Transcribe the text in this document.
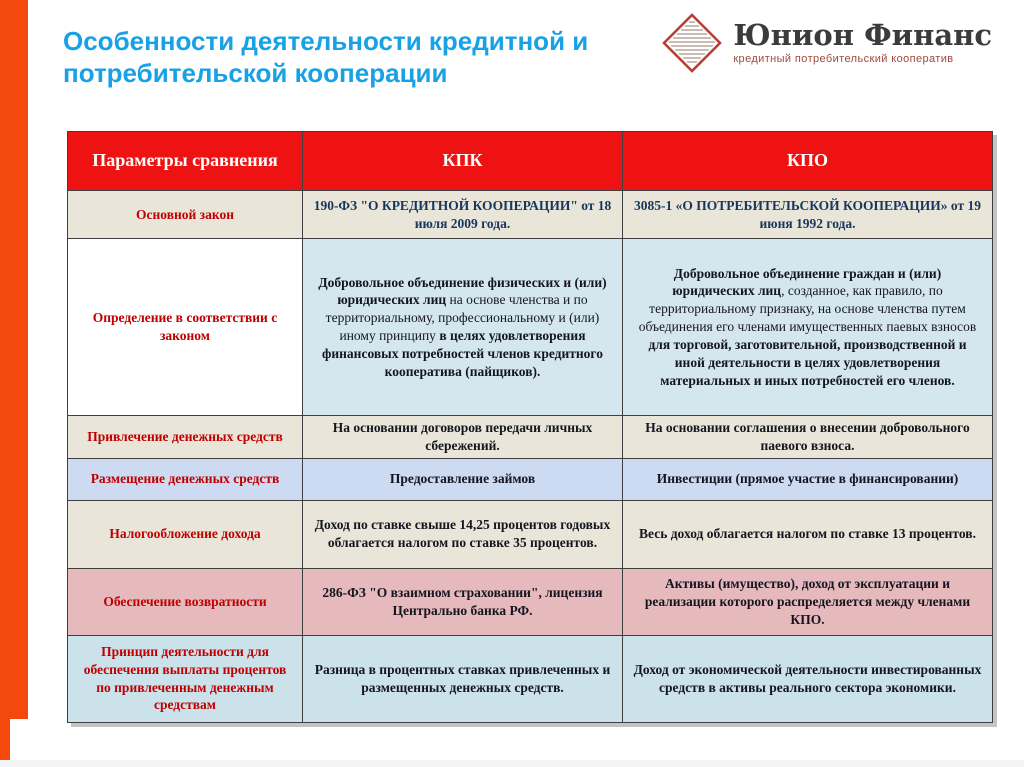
Особенности деятельности кредитной и потребительской кооперации
Юнион Финанс
кредитный потребительский кооператив
Параметры сравнения	КПК	КПО
Основной закон	190-ФЗ "О КРЕДИТНОЙ КООПЕРАЦИИ" от 18 июля 2009 года.	3085-1 «О ПОТРЕБИТЕЛЬСКОЙ КООПЕРАЦИИ» от 19 июня 1992 года.
Определение в соответствии с законом	Добровольное объединение физических и (или) юридических лиц на основе членства и по территориальному, профессиональному и (или) иному принципу в целях удовлетворения финансовых потребностей членов кредитного кооператива (пайщиков).	Добровольное объединение граждан и (или) юридических лиц, созданное, как правило, по территориальному признаку, на основе членства путем объединения его членами имущественных паевых взносов для торговой, заготовительной, производственной и иной деятельности в целях удовлетворения материальных и иных потребностей его членов.
Привлечение денежных средств	На основании договоров передачи личных сбережений.	На основании соглашения о внесении добровольного паевого взноса.
Размещение денежных средств	Предоставление займов	Инвестиции (прямое участие в финансировании)
Налогообложение дохода	Доход по ставке свыше 14,25 процентов годовых облагается налогом по ставке 35 процентов.	Весь доход облагается налогом по ставке 13 процентов.
Обеспечение возвратности	286-ФЗ "О взаимном страховании", лицензия Центрально банка РФ.	Активы (имущество), доход от эксплуатации и реализации которого распределяется между членами КПО.
Принцип деятельности для обеспечения выплаты процентов по привлеченным денежным средствам	Разница в процентных ставках привлеченных и размещенных денежных средств.	Доход от экономической деятельности инвестированных средств в активы реального сектора экономики.
